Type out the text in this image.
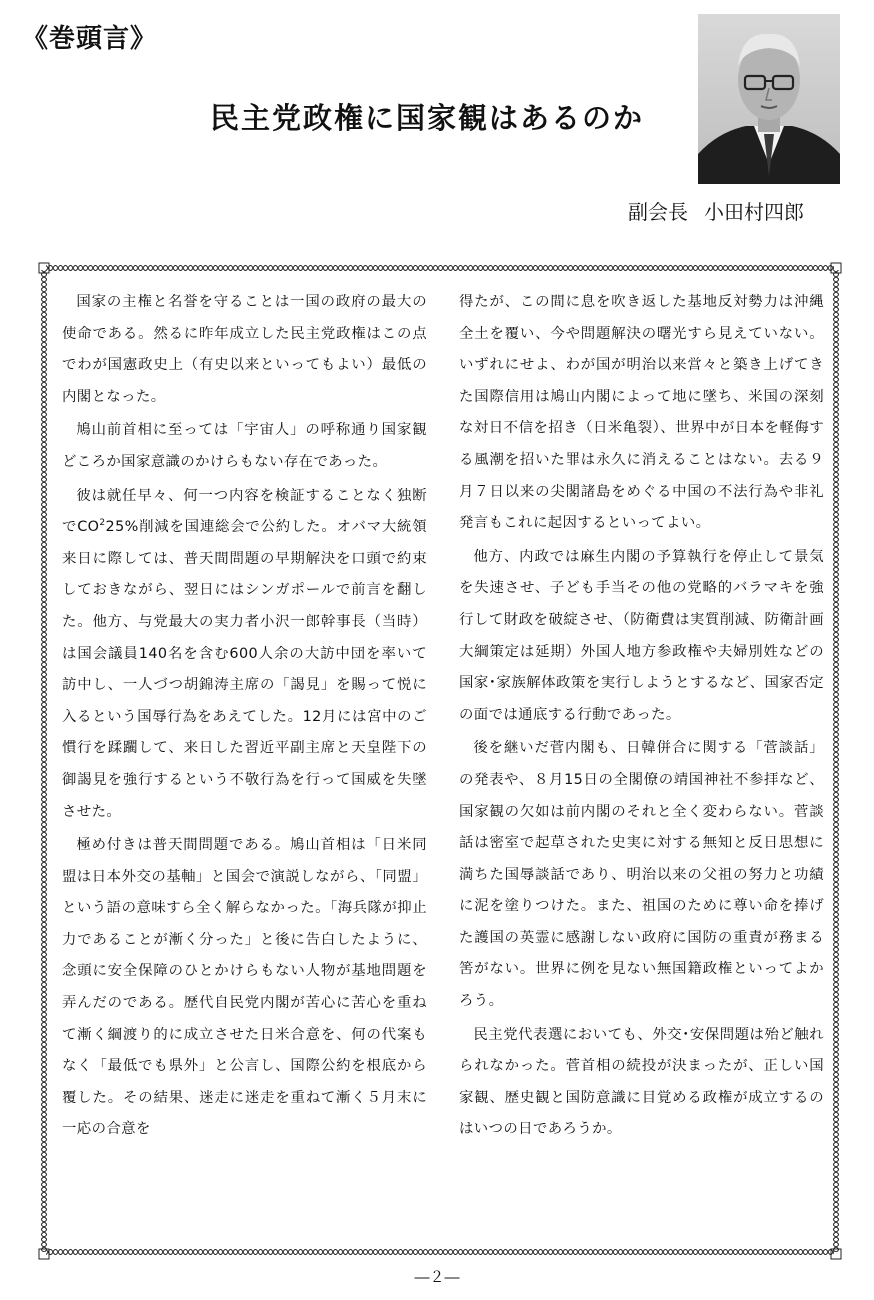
《巻頭言》
民主党政権に国家観はあるのか
副会長 小田村四郎

国家の主権と名誉を守ることは一国の政府の最大の使命である。然るに昨年成立した民主党政権はこの点でわが国憲政史上（有史以来といってもよい）最低の内閣となった。

鳩山前首相に至っては「宇宙人」の呼称通り国家観どころか国家意識のかけらもない存在であった。

彼は就任早々、何一つ内容を検証することなく独断で$CO^225\%$削減を国連総会で公約した。オバマ大統領来日に際しては、普天間問題の早期解決を口頭で約束しておきながら、翌日にはシンガポールで前言を翻した。他方、与党最大の実力者小沢一郎幹事長（当時）は国会議員140名を含む600人余の大訪中団を率いて訪中し、一人づつ胡錦涛主席の「謁見」を賜って悦に入るという国辱行為をあえてした。12月には宮中のご慣行を蹂躙して、来日した習近平副主席と天皇陛下の御謁見を強行するという不敬行為を行って国威を失墜させた。

極め付きは普天間問題である。鳩山首相は「日米同盟は日本外交の基軸」と国会で演説しながら、「同盟」という語の意味すら全く解らなかった。「海兵隊が抑止力であることが漸く分った」と後に告白したように、念頭に安全保障のひとかけらもない人物が基地問題を弄んだのである。歴代自民党内閣が苦心に苦心を重ねて漸く綱渡り的に成立させた日米合意を、何の代案もなく「最低でも県外」と公言し、国際公約を根底から覆した。その結果、迷走に迷走を重ねて漸く５月末に一応の合意を

得たが、この間に息を吹き返した基地反対勢力は沖縄全土を覆い、今や問題解決の曙光すら見えていない。いずれにせよ、わが国が明治以来営々と築き上げてきた国際信用は鳩山内閣によって地に墜ち、米国の深刻な対日不信を招き（日米亀裂）、世界中が日本を軽侮する風潮を招いた罪は永久に消えることはない。去る９月７日以来の尖閣諸島をめぐる中国の不法行為や非礼発言もこれに起因するといってよい。

他方、内政では麻生内閣の予算執行を停止して景気を失速させ、子ども手当その他の党略的バラマキを強行して財政を破綻させ、（防衛費は実質削減、防衛計画大綱策定は延期）外国人地方参政権や夫婦別姓などの国家･家族解体政策を実行しようとするなど、国家否定の面では通底する行動であった。

後を継いだ菅内閣も、日韓併合に関する「菅談話」の発表や、８月15日の全閣僚の靖国神社不参拝など、国家観の欠如は前内閣のそれと全く変わらない。菅談話は密室で起草された史実に対する無知と反日思想に満ちた国辱談話であり、明治以来の父祖の努力と功績に泥を塗りつけた。また、祖国のために尊い命を捧げた護国の英霊に感謝しない政府に国防の重責が務まる筈がない。世界に例を見ない無国籍政権といってよかろう。

民主党代表選においても、外交･安保問題は殆ど触れられなかった。菅首相の続投が決まったが、正しい国家観、歴史観と国防意識に目覚める政権が成立するのはいつの日であろうか。

―２―
